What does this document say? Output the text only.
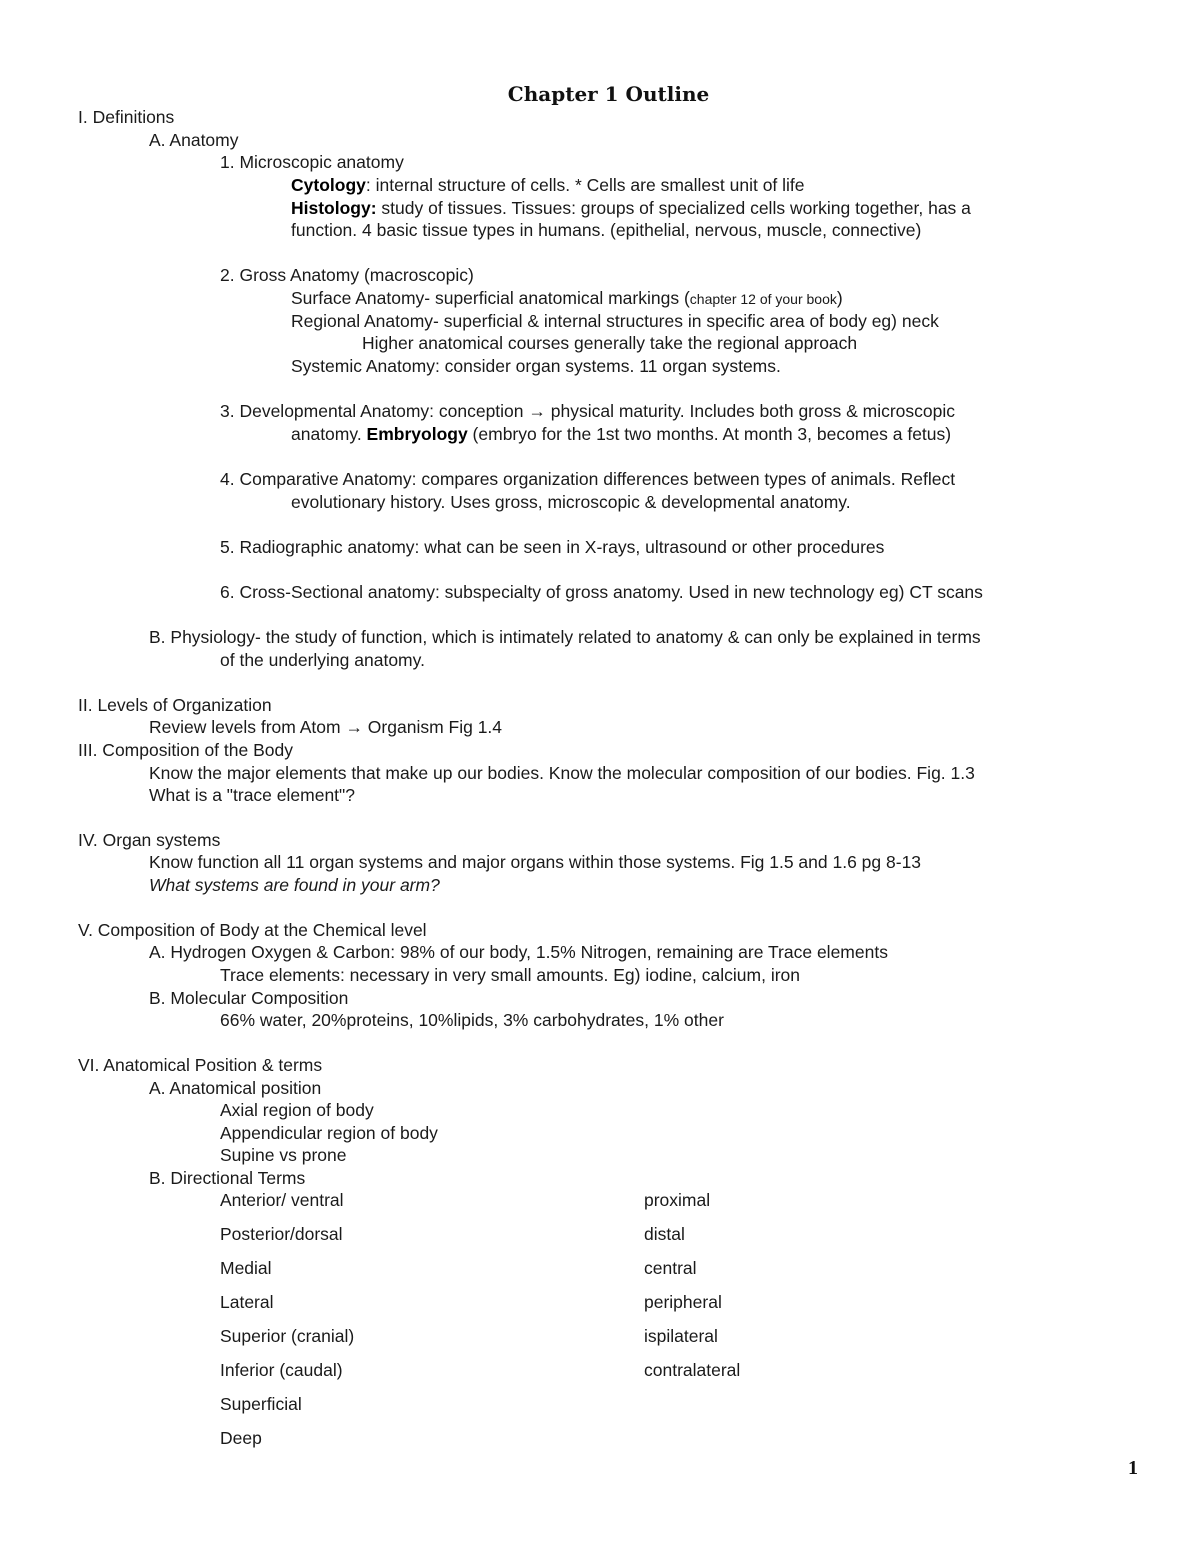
Chapter 1 Outline
I. Definitions
A. Anatomy
1. Microscopic anatomy
Cytology: internal structure of cells. * Cells are smallest unit of life
Histology: study of tissues. Tissues: groups of specialized cells working together, has a
function. 4 basic tissue types in humans. (epithelial, nervous, muscle, connective)
2. Gross Anatomy (macroscopic)
Surface Anatomy- superficial anatomical markings (chapter 12 of your book)
Regional Anatomy- superficial & internal structures in specific area of body eg) neck
Higher anatomical courses generally take the regional approach
Systemic Anatomy: consider organ systems. 11 organ systems.
3. Developmental Anatomy: conception → physical maturity. Includes both gross & microscopic
anatomy. Embryology (embryo for the 1st two months. At month 3, becomes a fetus)
4. Comparative Anatomy: compares organization differences between types of animals. Reflect
evolutionary history. Uses gross, microscopic & developmental anatomy.
5. Radiographic anatomy: what can be seen in X-rays, ultrasound or other procedures
6. Cross-Sectional anatomy: subspecialty of gross anatomy. Used in new technology eg) CT scans
B. Physiology- the study of function, which is intimately related to anatomy & can only be explained in terms
of the underlying anatomy.
II. Levels of Organization
Review levels from Atom → Organism Fig 1.4
III. Composition of the Body
Know the major elements that make up our bodies. Know the molecular composition of our bodies. Fig. 1.3
What is a "trace element"?
IV. Organ systems
Know function all 11 organ systems and major organs within those systems. Fig 1.5 and 1.6 pg 8-13
What systems are found in your arm?
V. Composition of Body at the Chemical level
A. Hydrogen Oxygen & Carbon: 98% of our body, 1.5% Nitrogen, remaining are Trace elements
Trace elements: necessary in very small amounts. Eg) iodine, calcium, iron
B. Molecular Composition
66% water, 20%proteins, 10%lipids, 3% carbohydrates, 1% other
VI. Anatomical Position & terms
A. Anatomical position
Axial region of body
Appendicular region of body
Supine vs prone
B. Directional Terms
Anterior/ ventral
Posterior/dorsal
Medial
Lateral
Superior (cranial)
Inferior (caudal)
Superficial
Deep
proximal
distal
central
peripheral
ispilateral
contralateral
1
